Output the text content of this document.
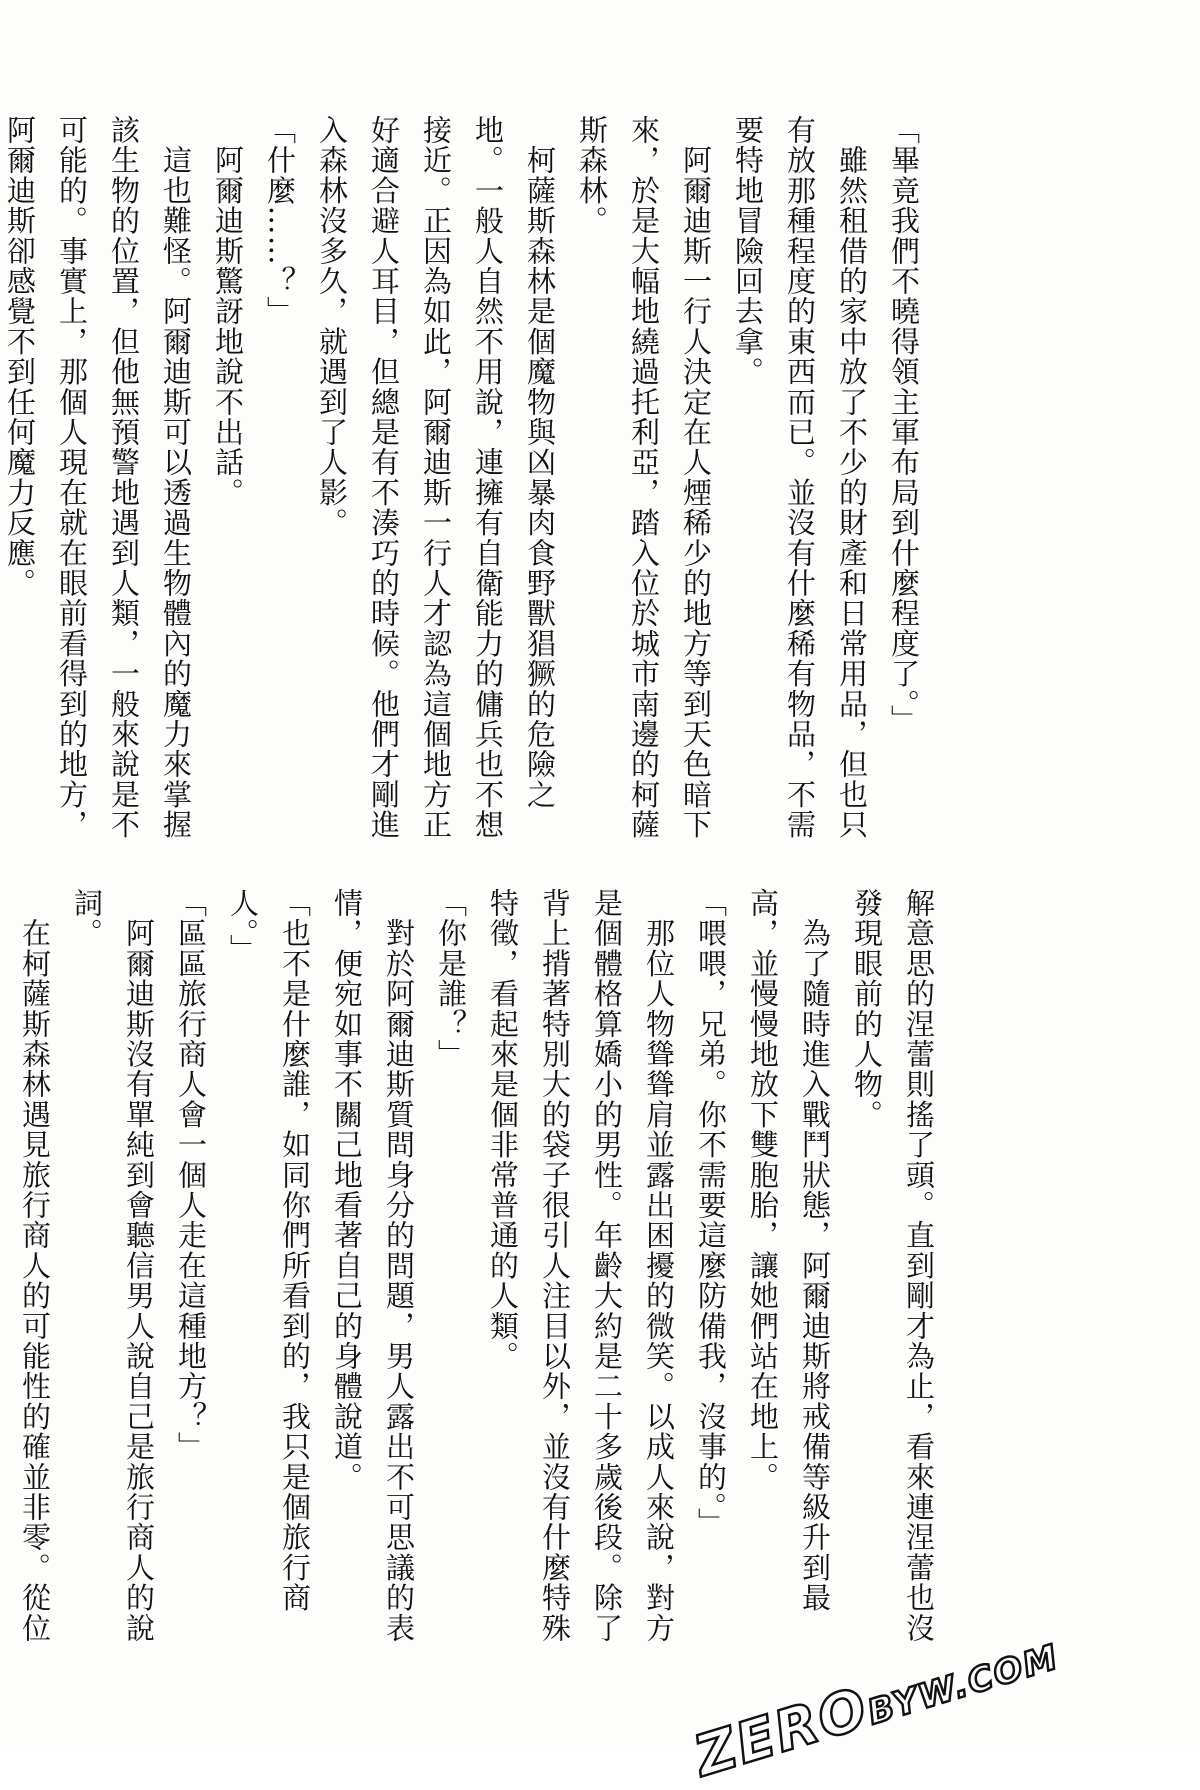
「畢竟我們不曉得領主軍布局到什麼程度了。」

　雖然租借的家中放了不少的財產和日常用品，但也只有放那種程度的東西而已。並沒有什麼稀有物品，不需要特地冒險回去拿。

　阿爾迪斯一行人決定在人煙稀少的地方等到天色暗下來，於是大幅地繞過托利亞，踏入位於城市南邊的柯薩斯森林。

　柯薩斯森林是個魔物與凶暴肉食野獸猖獗的危險之地。一般人自然不用說，連擁有自衛能力的傭兵也不想接近。正因為如此，阿爾迪斯一行人才認為這個地方正好適合避人耳目，但總是有不湊巧的時候。他們才剛進入森林沒多久，就遇到了人影。

「什麼……？」

　阿爾迪斯驚訝地說不出話。

　這也難怪。阿爾迪斯可以透過生物體內的魔力來掌握該生物的位置，但他無預警地遇到人類，一般來說是不可能的。事實上，那個人現在就在眼前看得到的地方，阿爾迪斯卻感覺不到任何魔力反應。

解意思的涅蕾則搖了頭。直到剛才為止，看來連涅蕾也沒發現眼前的人物。

　為了隨時進入戰鬥狀態，阿爾迪斯將戒備等級升到最高，並慢慢地放下雙胞胎，讓她們站在地上。

「喂喂，兄弟。你不需要這麼防備我，沒事的。」

　那位人物聳聳肩並露出困擾的微笑。以成人來說，對方是個體格算嬌小的男性。年齡大約是二十多歲後段。除了背上揹著特別大的袋子很引人注目以外，並沒有什麼特殊特徵，看起來是個非常普通的人類。

「你是誰？」

　對於阿爾迪斯質問身分的問題，男人露出不可思議的表情，便宛如事不關己地看著自己的身體說道。

「也不是什麼誰，如同你們所看到的，我只是個旅行商人。」

「區區旅行商人會一個人走在這種地方？」

　阿爾迪斯沒有單純到會聽信男人說自己是旅行商人的說詞。

　在柯薩斯森林遇見旅行商人的可能性的確並非零。從位

ZEROBYW.COM
